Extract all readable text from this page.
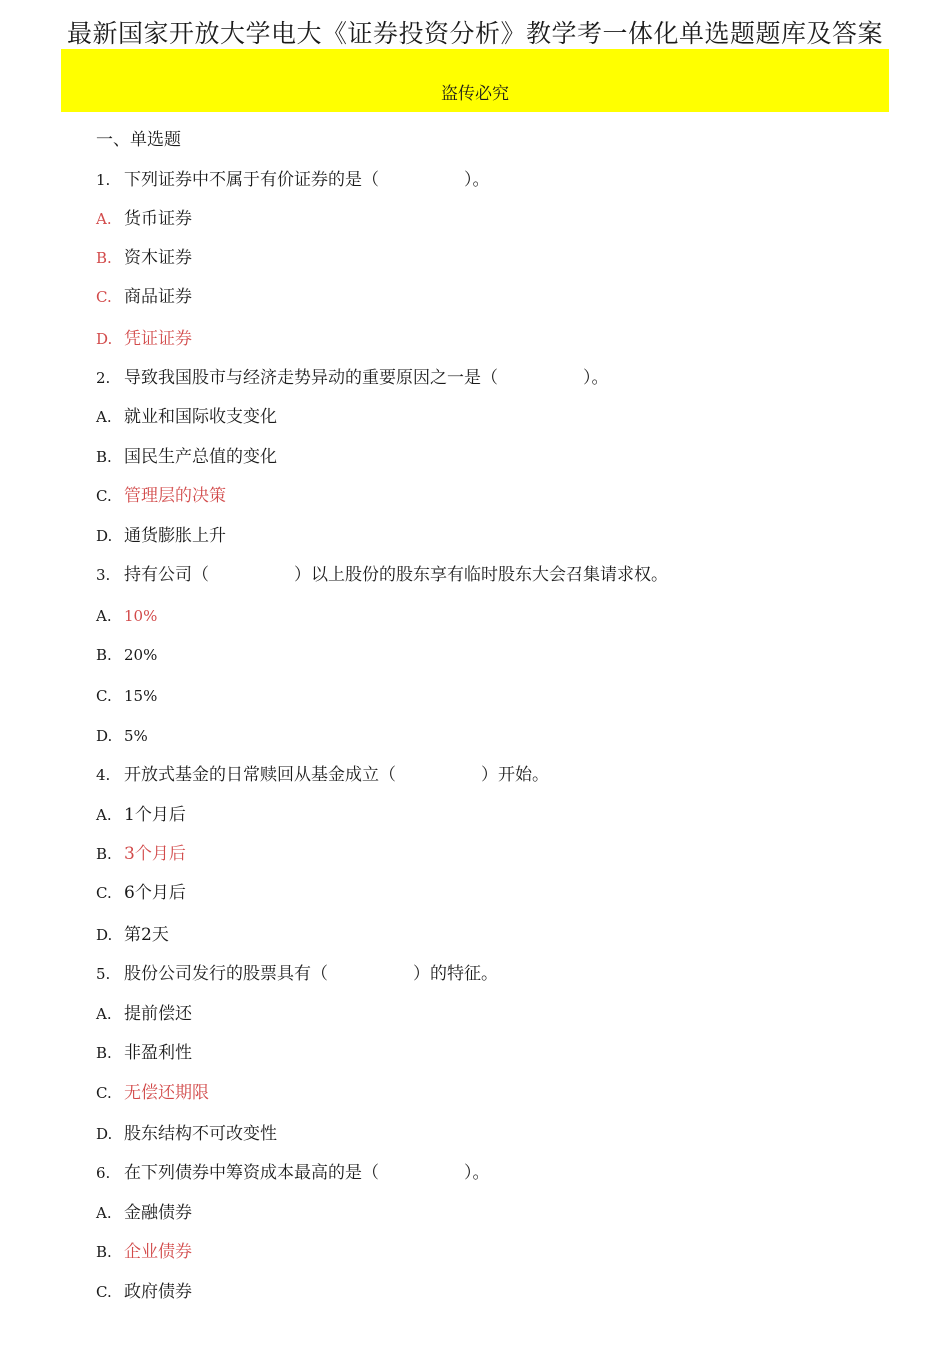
最新国家开放大学电大《证券投资分析》教学考一体化单选题题库及答案
盗传必究
一、单选题
1. 下列证券中不属于有价证券的是（　　　　　）。
A. 货币证券
B. 资木证券
C. 商品证券
D. 凭证证券
2. 导致我国股市与经济走势异动的重要原因之一是（　　　　　）。
A. 就业和国际收支变化
B. 国民生产总值的变化
C. 管理层的决策
D. 通货膨胀上升
3. 持有公司（　　　　　）以上股份的股东享有临时股东大会召集请求权。
A. 10%
B. 20%
C. 15%
D. 5%
4. 开放式基金的日常赎回从基金成立（　　　　　）开始。
A. 1个月后
B. 3个月后
C. 6个月后
D. 第2天
5. 股份公司发行的股票具有（　　　　　）的特征。
A. 提前偿还
B. 非盈利性
C. 无偿还期限
D. 股东结构不可改变性
6. 在下列债券中筹资成本最高的是（　　　　　）。
A. 金融债券
B. 企业债券
C. 政府债券
